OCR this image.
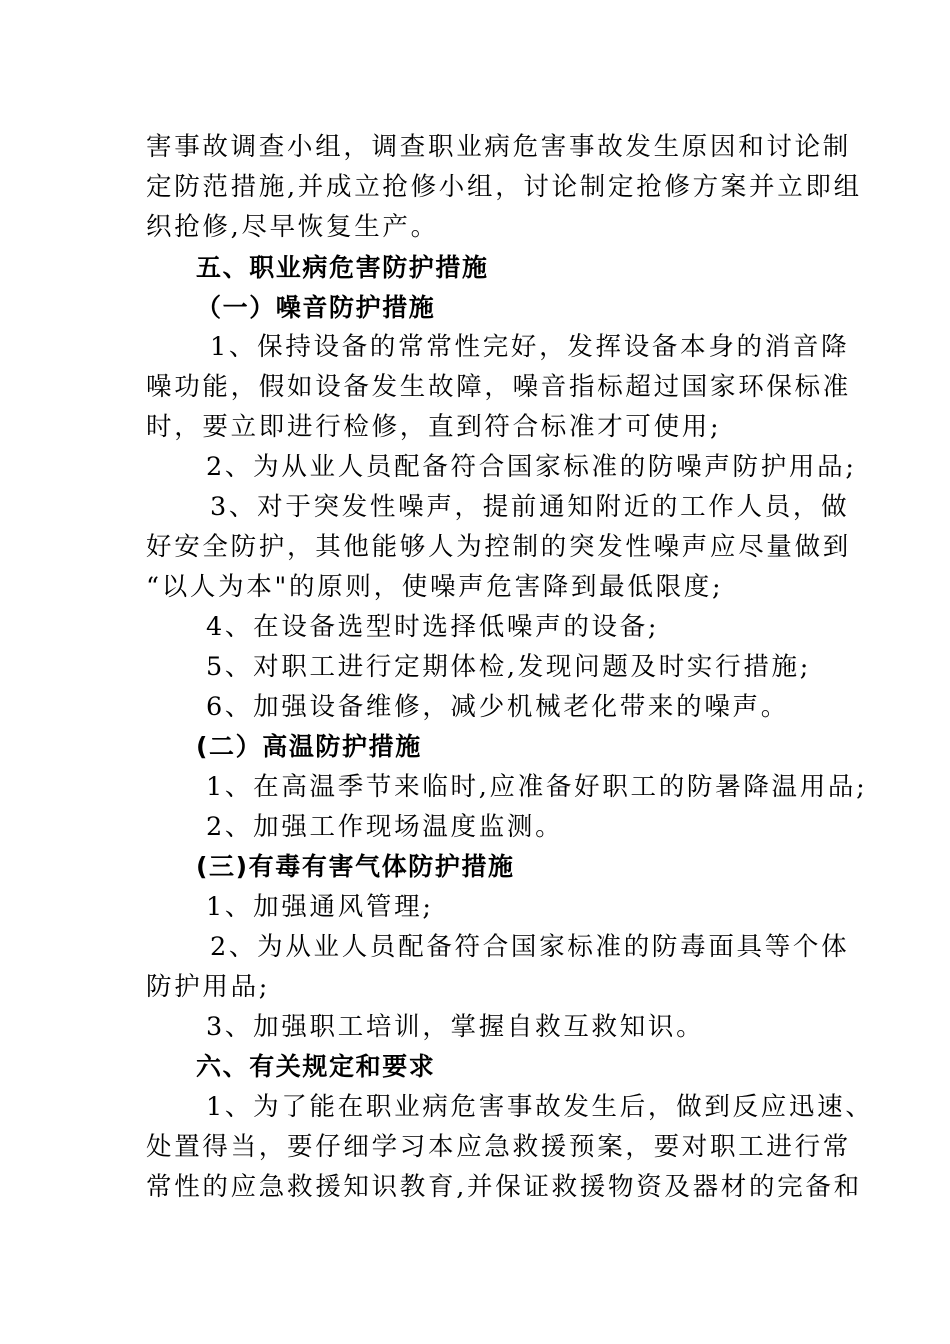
害事故调查小组，调查职业病危害事故发生原因和讨论制
定防范措施,并成立抢修小组，讨论制定抢修方案并立即组
织抢修,尽早恢复生产。
五、职业病危害防护措施
（一）噪音防护措施
1、保持设备的常常性完好，发挥设备本身的消音降
噪功能，假如设备发生故障，噪音指标超过国家环保标准
时，要立即进行检修，直到符合标准才可使用;
2、为从业人员配备符合国家标准的防噪声防护用品;
3、对于突发性噪声，提前通知附近的工作人员，做
好安全防护，其他能够人为控制的突发性噪声应尽量做到
“以人为本"的原则，使噪声危害降到最低限度;
4、在设备选型时选择低噪声的设备;
5、对职工进行定期体检,发现问题及时实行措施;
6、加强设备维修，减少机械老化带来的噪声。
(二）高温防护措施
1、在高温季节来临时,应准备好职工的防暑降温用品;
2、加强工作现场温度监测。
(三)有毒有害气体防护措施
1、加强通风管理;
2、为从业人员配备符合国家标准的防毒面具等个体
防护用品;
3、加强职工培训，掌握自救互救知识。
六、有关规定和要求
1、为了能在职业病危害事故发生后，做到反应迅速、
处置得当，要仔细学习本应急救援预案，要对职工进行常
常性的应急救援知识教育,并保证救援物资及器材的完备和
